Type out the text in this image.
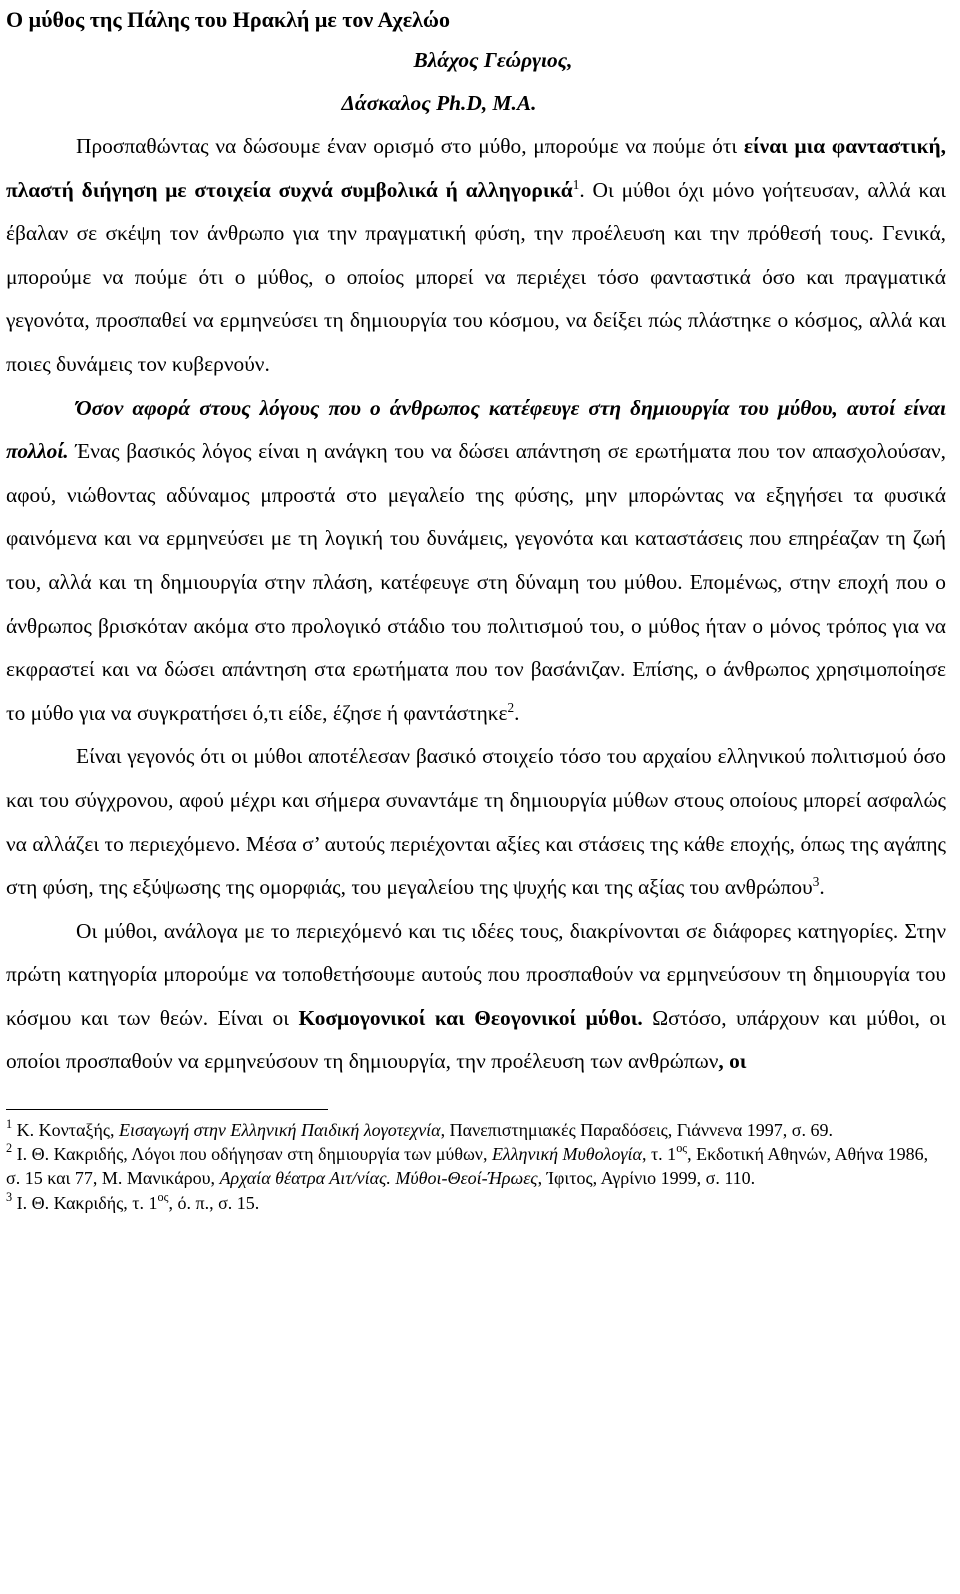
Ο μύθος της Πάλης του Ηρακλή με τον Αχελώο

Βλάχος Γεώργιος,

Δάσκαλος Ph.D, M.A.

Προσπαθώντας να δώσουμε έναν ορισμό στο μύθο, μπορούμε να πούμε ότι είναι μια φανταστική, πλαστή διήγηση με στοιχεία συχνά συμβολικά ή αλληγορικά$^1$. Οι μύθοι όχι μόνο γοήτευσαν, αλλά και έβαλαν σε σκέψη τον άνθρωπο για την πραγματική φύση, την προέλευση και την πρόθεσή τους. Γενικά, μπορούμε να πούμε ότι ο μύθος, ο οποίος μπορεί να περιέχει τόσο φανταστικά όσο και πραγματικά γεγονότα, προσπαθεί να ερμηνεύσει τη δημιουργία του κόσμου, να δείξει πώς πλάστηκε ο κόσμος, αλλά και ποιες δυνάμεις τον κυβερνούν.

Όσον αφορά στους λόγους που ο άνθρωπος κατέφευγε στη δημιουργία του μύθου, αυτοί είναι πολλοί. Ένας βασικός λόγος είναι η ανάγκη του να δώσει απάντηση σε ερωτήματα που τον απασχολούσαν, αφού, νιώθοντας αδύναμος μπροστά στο μεγαλείο της φύσης, μην μπορώντας να εξηγήσει τα φυσικά φαινόμενα και να ερμηνεύσει με τη λογική του δυνάμεις, γεγονότα και καταστάσεις που επηρέαζαν τη ζωή του, αλλά και τη δημιουργία στην πλάση, κατέφευγε στη δύναμη του μύθου. Επομένως, στην εποχή που ο άνθρωπος βρισκόταν ακόμα στο προλογικό στάδιο του πολιτισμού του, ο μύθος ήταν ο μόνος τρόπος για να εκφραστεί και να δώσει απάντηση στα ερωτήματα που τον βασάνιζαν. Επίσης, ο άνθρωπος χρησιμοποίησε το μύθο για να συγκρατήσει ό,τι είδε, έζησε ή φαντάστηκε$^2$.

Είναι γεγονός ότι οι μύθοι αποτέλεσαν βασικό στοιχείο τόσο του αρχαίου ελληνικού πολιτισμού όσο και του σύγχρονου, αφού μέχρι και σήμερα συναντάμε τη δημιουργία μύθων στους οποίους μπορεί ασφαλώς να αλλάζει το περιεχόμενο. Μέσα σ’ αυτούς περιέχονται αξίες και στάσεις της κάθε εποχής, όπως της αγάπης στη φύση, της εξύψωσης της ομορφιάς, του μεγαλείου της ψυχής και της αξίας του ανθρώπου$^3$.

Οι μύθοι, ανάλογα με το περιεχόμενό και τις ιδέες τους, διακρίνονται σε διάφορες κατηγορίες. Στην πρώτη κατηγορία μπορούμε να τοποθετήσουμε αυτούς που προσπαθούν να ερμηνεύσουν τη δημιουργία του κόσμου και των θεών. Είναι οι Κοσμογονικοί και Θεογονικοί μύθοι. Ωστόσο, υπάρχουν και μύθοι, οι οποίοι προσπαθούν να ερμηνεύσουν τη δημιουργία, την προέλευση των ανθρώπων, οι

$^1$ Κ. Κονταξής, Εισαγωγή στην Ελληνική Παιδική λογοτεχνία, Πανεπιστημιακές Παραδόσεις, Γιάννενα 1997, σ. 69.

$^2$ Ι. Θ. Κακριδής, Λόγοι που οδήγησαν στη δημιουργία των μύθων, Ελληνική Μυθολογία, τ. $1^{o\varsigma}$, Εκδοτική Αθηνών, Αθήνα 1986, σ. 15 και 77, Μ. Μανικάρου, Αρχαία θέατρα Αιτ/νίας. Μύθοι-Θεοί-Ήρωες, Ίφιτος, Αγρίνιο 1999, σ. 110.

$^3$ Ι. Θ. Κακριδής, τ. $1^{o\varsigma}$, ό. π., σ. 15.
